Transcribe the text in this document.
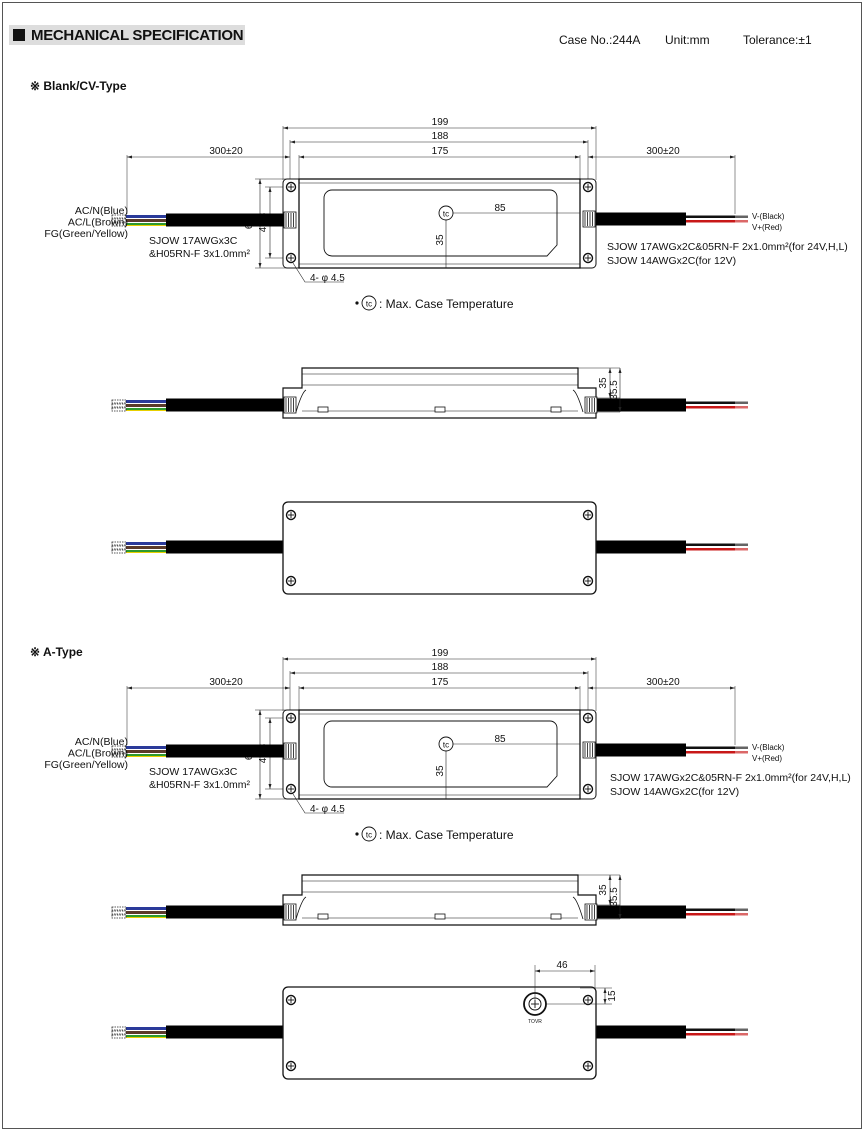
MECHANICAL SPECIFICATION	Case No.:244A Unit:mm	Tolerance:±1
※ Blank/CV-Type
※ A-Type
199
188
175
300±20	300±20
tc	85
35
4- φ 4.5
AC/N(Blue)
AC/L(Brown)
FG(Green/Yellow)
SJOW 17AWGx3C
&H05RN-F 3x1.0mm²
V-(Black)
V+(Red)
SJOW 17AWGx2C&05RN-F 2x1.0mm²(for 24V,H,L)
SJOW 14AWGx2C(for 12V)
tc : Max. Case Temperature
35 35.5
199
188
175
300±20	300±20
tc	85
35
4- φ 4.5
AC/N(Blue)
AC/L(Brown)
FG(Green/Yellow)
SJOW 17AWGx3C
&H05RN-F 3x1.0mm²
V-(Black)
V+(Red)
SJOW 17AWGx2C&05RN-F 2x1.0mm²(for 24V,H,L)
SJOW 14AWGx2C(for 12V)
tc : Max. Case Temperature
35 35.5
TOVR
46
15
